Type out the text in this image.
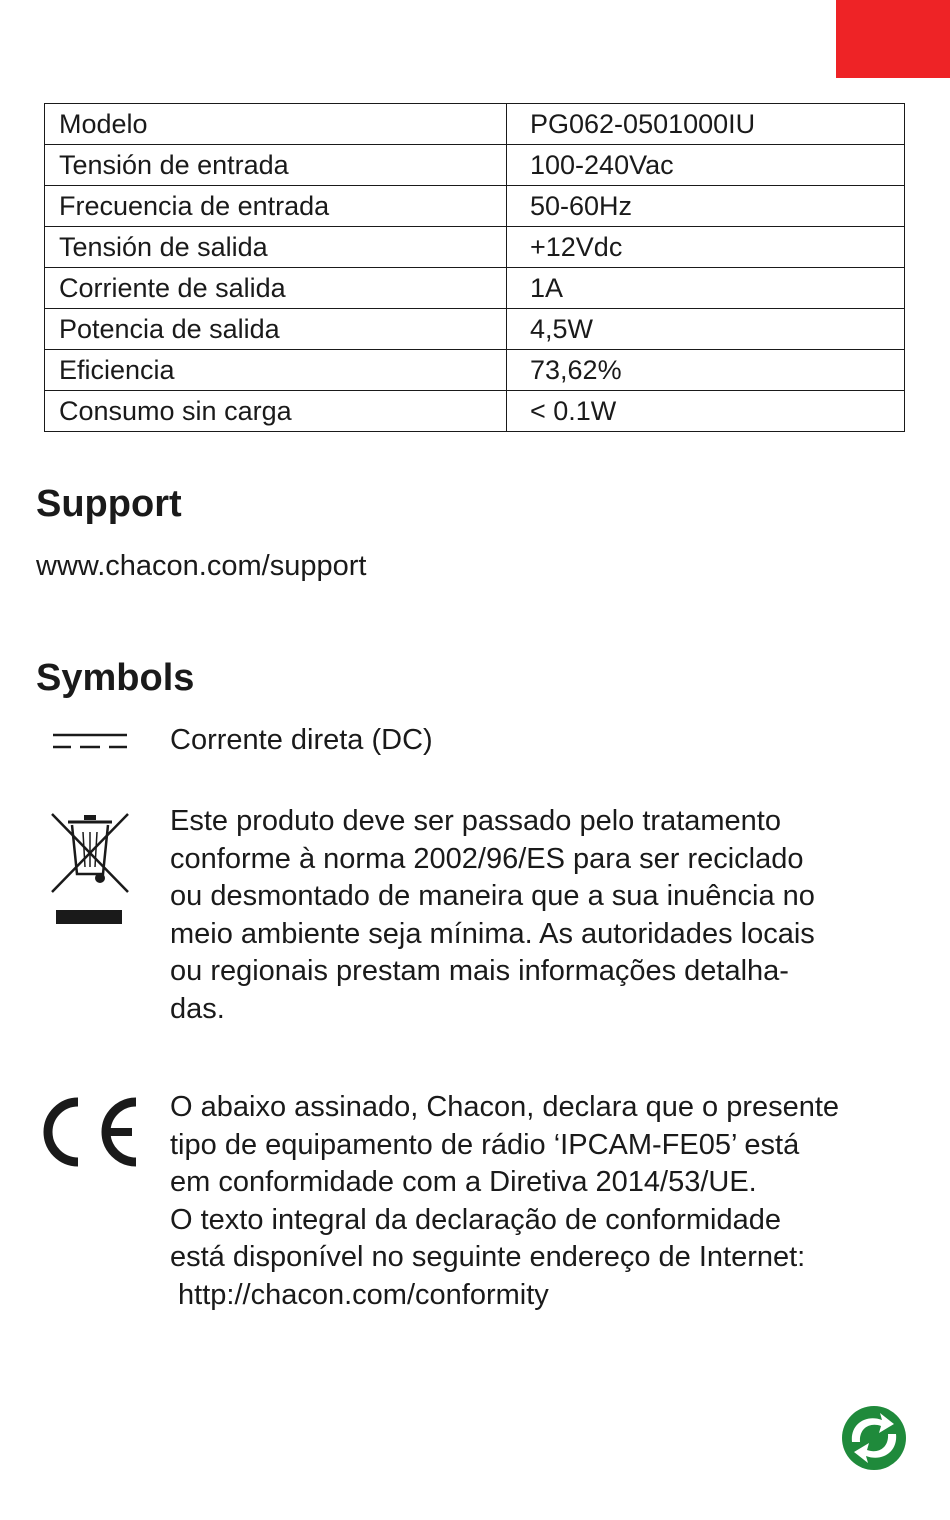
Modelo	PG062-0501000IU
Tensión de entrada	100-240Vac
Frecuencia de entrada	50-60Hz
Tensión de salida	+12Vdc
Corriente de salida	1A
Potencia de salida	4,5W
Eficiencia	73,62%
Consumo sin carga	< 0.1W
Support
www.chacon.com/support
Symbols
Corrente direta (DC)
Este produto deve ser passado pelo tratamento
conforme à norma 2002/96/ES para ser reciclado
ou desmontado de maneira que a sua inuência no
meio ambiente seja mínima. As autoridades locais
ou regionais prestam mais informações detalha-
das.
O abaixo assinado, Chacon, declara que o presente
tipo de equipamento de rádio ‘IPCAM-FE05’ está
em conformidade com a Diretiva 2014/53/UE.
O texto integral da declaração de conformidade
está disponível no seguinte endereço de Internet:
http://chacon.com/conformity
